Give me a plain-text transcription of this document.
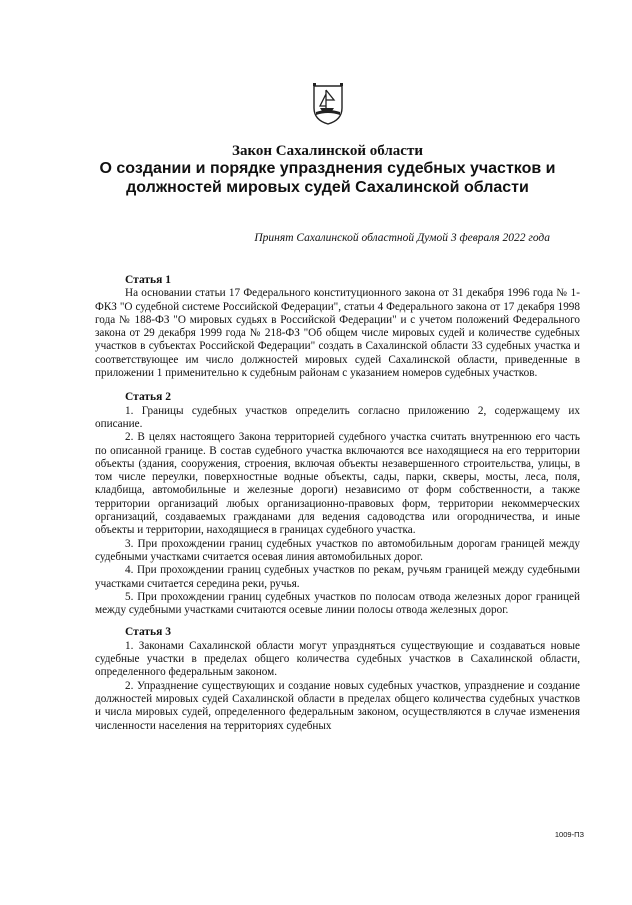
Закон Сахалинской области
О создании и порядке упразднения судебных участков и должностей мировых судей Сахалинской области
Принят Сахалинской областной Думой 3 февраля 2022 года
Статья 1

На основании статьи 17 Федерального конституционного закона от 31 декабря 1996 года № 1-ФКЗ "О судебной системе Российской Федерации", статьи 4 Федерального закона от 17 декабря 1998 года № 188-ФЗ "О мировых судьях в Российской Федерации" и с учетом положений Федерального закона от 29 декабря 1999 года № 218-ФЗ "Об общем числе мировых судей и количестве судебных участков в субъектах Российской Федерации" создать в Сахалинской области 33 судебных участка и соответствующее им число должностей мировых судей Сахалинской области, приведенные в приложении 1 применительно к судебным районам с указанием номеров судебных участков.

Статья 2

1. Границы судебных участков определить согласно приложению 2, содержащему их описание.

2. В целях настоящего Закона территорией судебного участка считать внутреннюю его часть по описанной границе. В состав судебного участка включаются все находящиеся на его территории объекты (здания, сооружения, строения, включая объекты незавершенного строительства, улицы, в том числе переулки, поверхностные водные объекты, сады, парки, скверы, мосты, леса, поля, кладбища, автомобильные и железные дороги) независимо от форм собственности, а также территории организаций любых организационно-правовых форм, территории некоммерческих организаций, создаваемых гражданами для ведения садоводства или огородничества, и иные объекты и территории, находящиеся в границах судебного участка.

3. При прохождении границ судебных участков по автомобильным дорогам границей между судебными участками считается осевая линия автомобильных дорог.

4. При прохождении границ судебных участков по рекам, ручьям границей между судебными участками считается середина реки, ручья.

5. При прохождении границ судебных участков по полосам отвода железных дорог границей между судебными участками считаются осевые линии полосы отвода железных дорог.

Статья 3

1. Законами Сахалинской области могут упраздняться существующие и создаваться новые судебные участки в пределах общего количества судебных участков в Сахалинской области, определенного федеральным законом.

2. Упразднение существующих и создание новых судебных участков, упразднение и создание должностей мировых судей Сахалинской области в пределах общего количества судебных участков и числа мировых судей, определенного федеральным законом, осуществляются в случае изменения численности населения на территориях судебных

1009-ПЗ
